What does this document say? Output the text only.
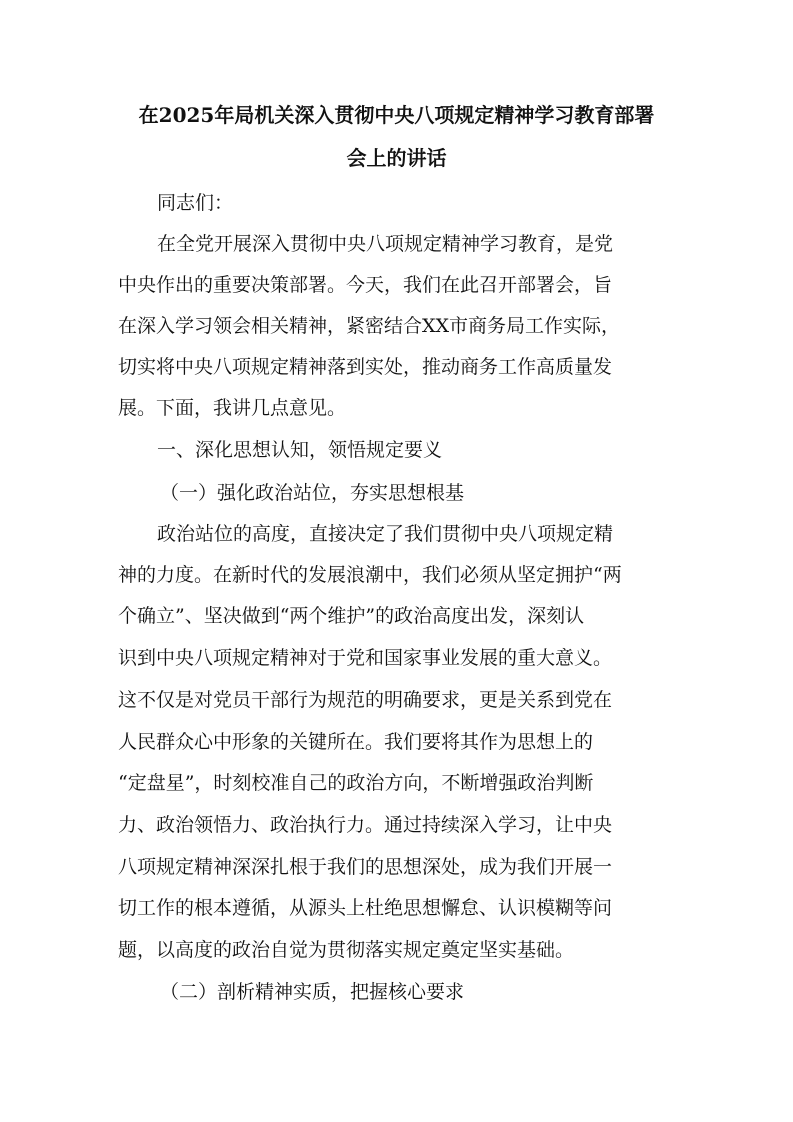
在2025年局机关深入贯彻中央八项规定精神学习教育部署
会上的讲话

同志们：

在全党开展深入贯彻中央八项规定精神学习教育，是党

中央作出的重要决策部署。今天，我们在此召开部署会，旨

在深入学习领会相关精神，紧密结合XX市商务局工作实际，

切实将中央八项规定精神落到实处，推动商务工作高质量发

展。下面，我讲几点意见。

一、深化思想认知，领悟规定要义

（一）强化政治站位，夯实思想根基

政治站位的高度，直接决定了我们贯彻中央八项规定精

神的力度。在新时代的发展浪潮中，我们必须从坚定拥护“两

个确立”、坚决做到“两个维护”的政治高度出发，深刻认

识到中央八项规定精神对于党和国家事业发展的重大意义。

这不仅是对党员干部行为规范的明确要求，更是关系到党在

人民群众心中形象的关键所在。我们要将其作为思想上的

“定盘星”，时刻校准自己的政治方向，不断增强政治判断

力、政治领悟力、政治执行力。通过持续深入学习，让中央

八项规定精神深深扎根于我们的思想深处，成为我们开展一

切工作的根本遵循，从源头上杜绝思想懈怠、认识模糊等问

题，以高度的政治自觉为贯彻落实规定奠定坚实基础。

（二）剖析精神实质，把握核心要求
